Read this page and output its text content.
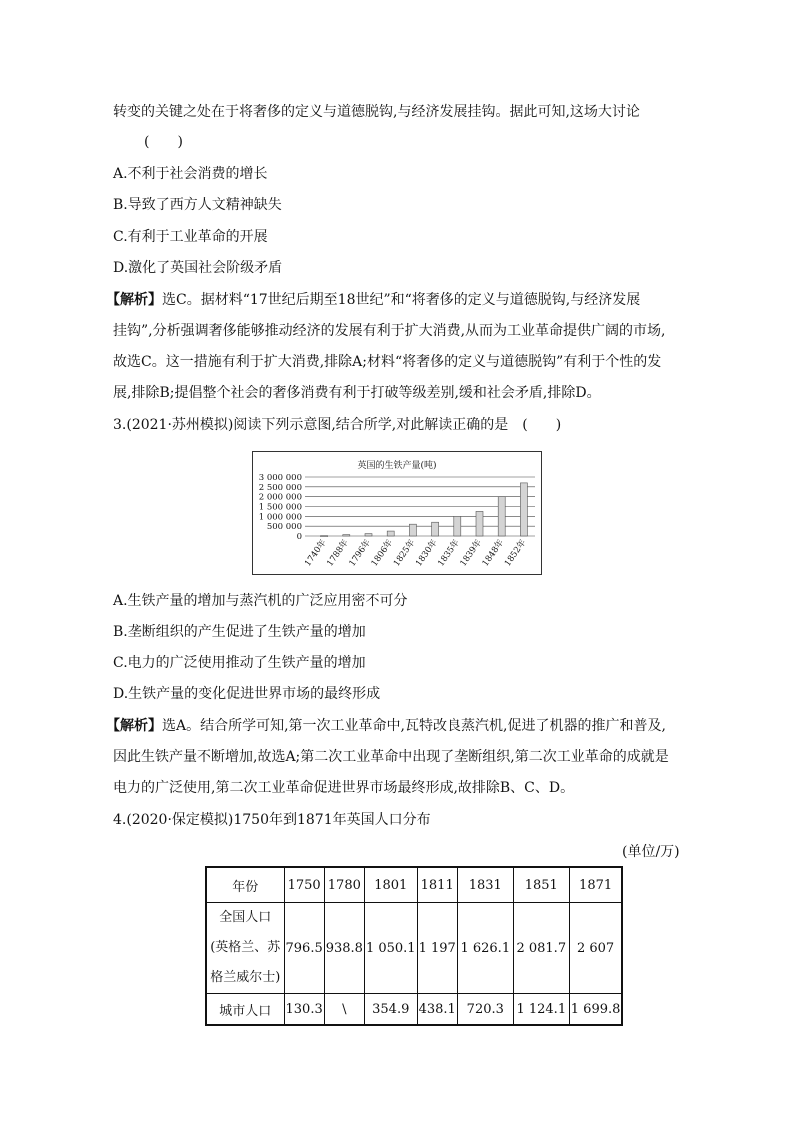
转变的关键之处在于将奢侈的定义与道德脱钩,与经济发展挂钩。据此可知,这场大讨论
(　　)
A.不利于社会消费的增长
B.导致了西方人文精神缺失
C.有利于工业革命的开展
D.激化了英国社会阶级矛盾
【解析】选C。据材料“17世纪后期至18世纪”和“将奢侈的定义与道德脱钩,与经济发展
挂钩”,分析强调奢侈能够推动经济的发展有利于扩大消费,从而为工业革命提供广阔的市场,
故选C。这一措施有利于扩大消费,排除A;材料“将奢侈的定义与道德脱钩”有利于个性的发
展,排除B;提倡整个社会的奢侈消费有利于打破等级差别,缓和社会矛盾,排除D。
3.(2021·苏州模拟)阅读下列示意图,结合所学,对此解读正确的是　(　　)
英国的生铁产量(吨)
3 000 000
2 500 000
2 000 000
1 500 000
1 000 000
500 000
0
1740年
1788年
1796年
1806年
1825年
1830年
1835年
1839年
1848年
1852年
A.生铁产量的增加与蒸汽机的广泛应用密不可分
B.垄断组织的产生促进了生铁产量的增加
C.电力的广泛使用推动了生铁产量的增加
D.生铁产量的变化促进世界市场的最终形成
【解析】选A。结合所学可知,第一次工业革命中,瓦特改良蒸汽机,促进了机器的推广和普及,
因此生铁产量不断增加,故选A;第二次工业革命中出现了垄断组织,第二次工业革命的成就是
电力的广泛使用,第二次工业革命促进世界市场最终形成,故排除B、C、D。
4.(2020·保定模拟)1750年到1871年英国人口分布
(单位/万)
年份	1750	1780	1801	1811	1831	1851	1871

全国人口
(英格兰、苏
格兰威尔士)	796.5	938.8	1 050.1	1 197	1 626.1	2 081.7	2 607
城市人口	130.3	\	354.9	438.1	720.3	1 124.1	1 699.8
